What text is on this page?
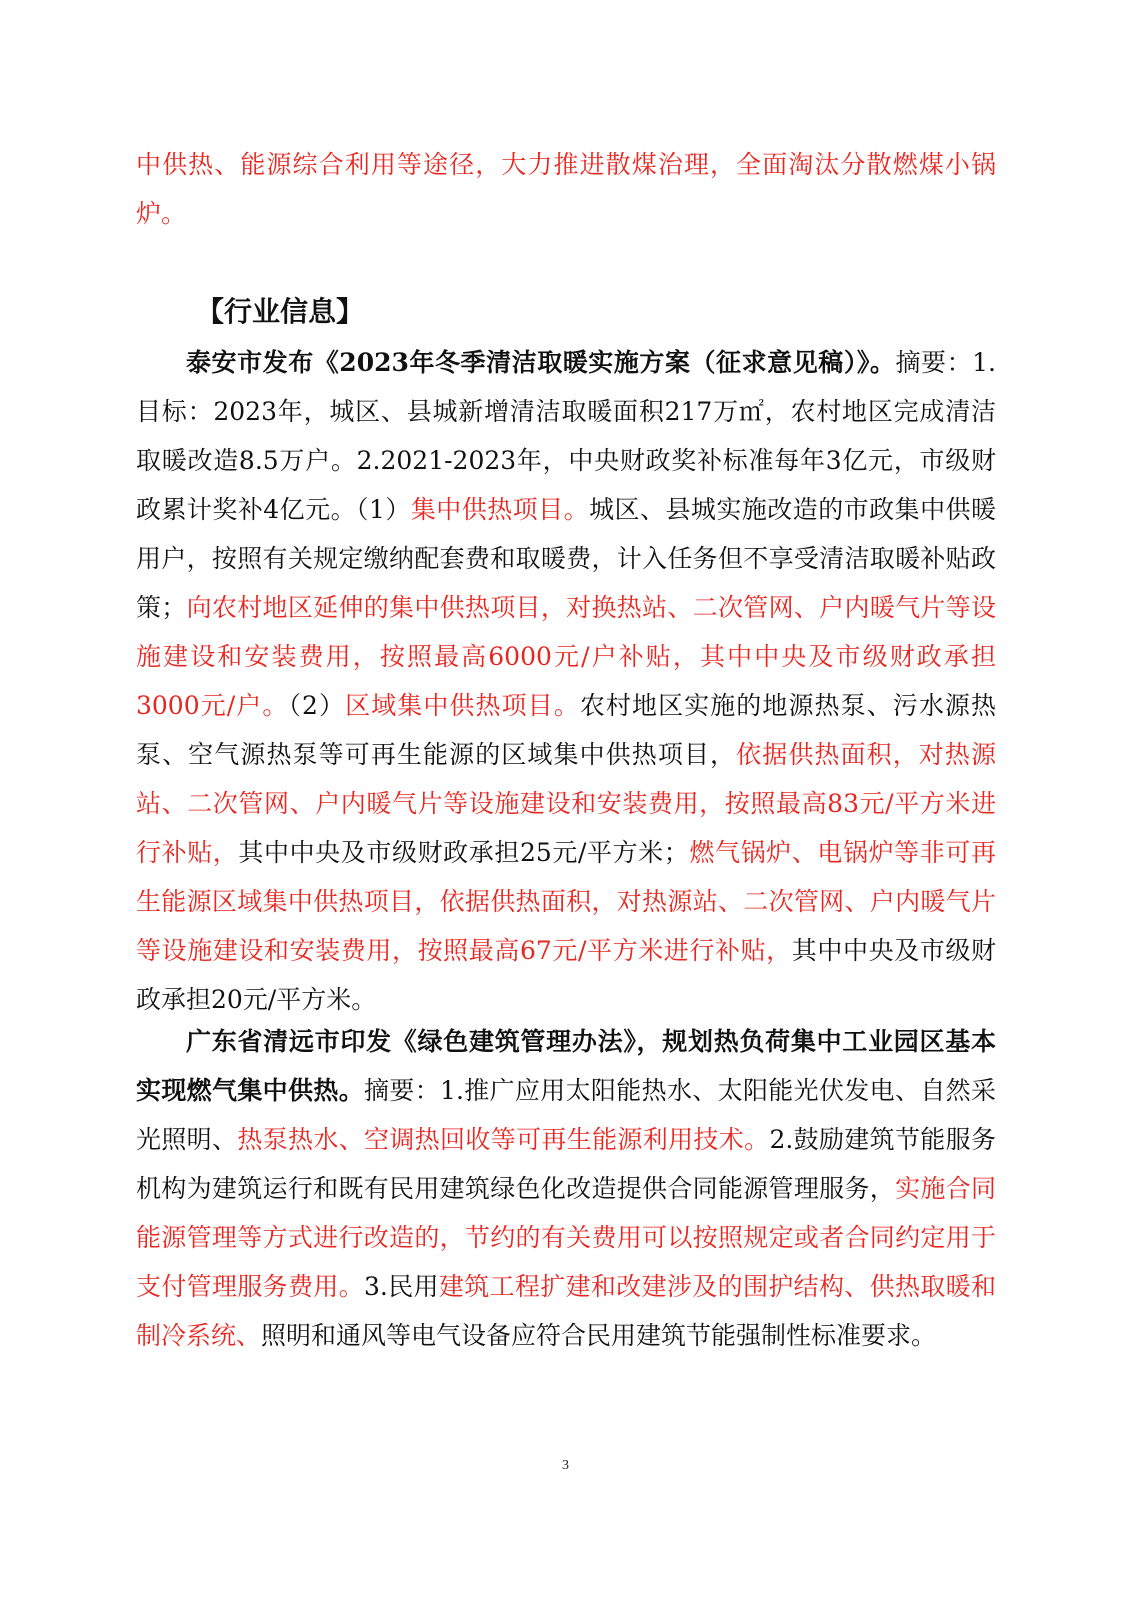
中供热、能源综合利用等途径，大力推进散煤治理，全面淘汰分散燃煤小锅炉。

【行业信息】

泰安市发布《2023年冬季清洁取暖实施方案（征求意见稿）》。摘要：1.目标：2023年，城区、县城新增清洁取暖面积217万㎡，农村地区完成清洁取暖改造8.5万户。2.2021-2023年，中央财政奖补标准每年3亿元，市级财政累计奖补4亿元。（1）集中供热项目。城区、县城实施改造的市政集中供暖用户，按照有关规定缴纳配套费和取暖费，计入任务但不享受清洁取暖补贴政策；向农村地区延伸的集中供热项目，对换热站、二次管网、户内暖气片等设施建设和安装费用，按照最高6000元/户补贴，其中中央及市级财政承担3000元/户。（2）区域集中供热项目。农村地区实施的地源热泵、污水源热泵、空气源热泵等可再生能源的区域集中供热项目，依据供热面积，对热源站、二次管网、户内暖气片等设施建设和安装费用，按照最高83元/平方米进行补贴，其中中央及市级财政承担25元/平方米；燃气锅炉、电锅炉等非可再生能源区域集中供热项目，依据供热面积，对热源站、二次管网、户内暖气片等设施建设和安装费用，按照最高67元/平方米进行补贴，其中中央及市级财政承担20元/平方米。

广东省清远市印发《绿色建筑管理办法》，规划热负荷集中工业园区基本实现燃气集中供热。摘要：1.推广应用太阳能热水、太阳能光伏发电、自然采光照明、热泵热水、空调热回收等可再生能源利用技术。2.鼓励建筑节能服务机构为建筑运行和既有民用建筑绿色化改造提供合同能源管理服务，实施合同能源管理等方式进行改造的，节约的有关费用可以按照规定或者合同约定用于支付管理服务费用。3.民用建筑工程扩建和改建涉及的围护结构、供热取暖和制冷系统、照明和通风等电气设备应符合民用建筑节能强制性标准要求。

3
